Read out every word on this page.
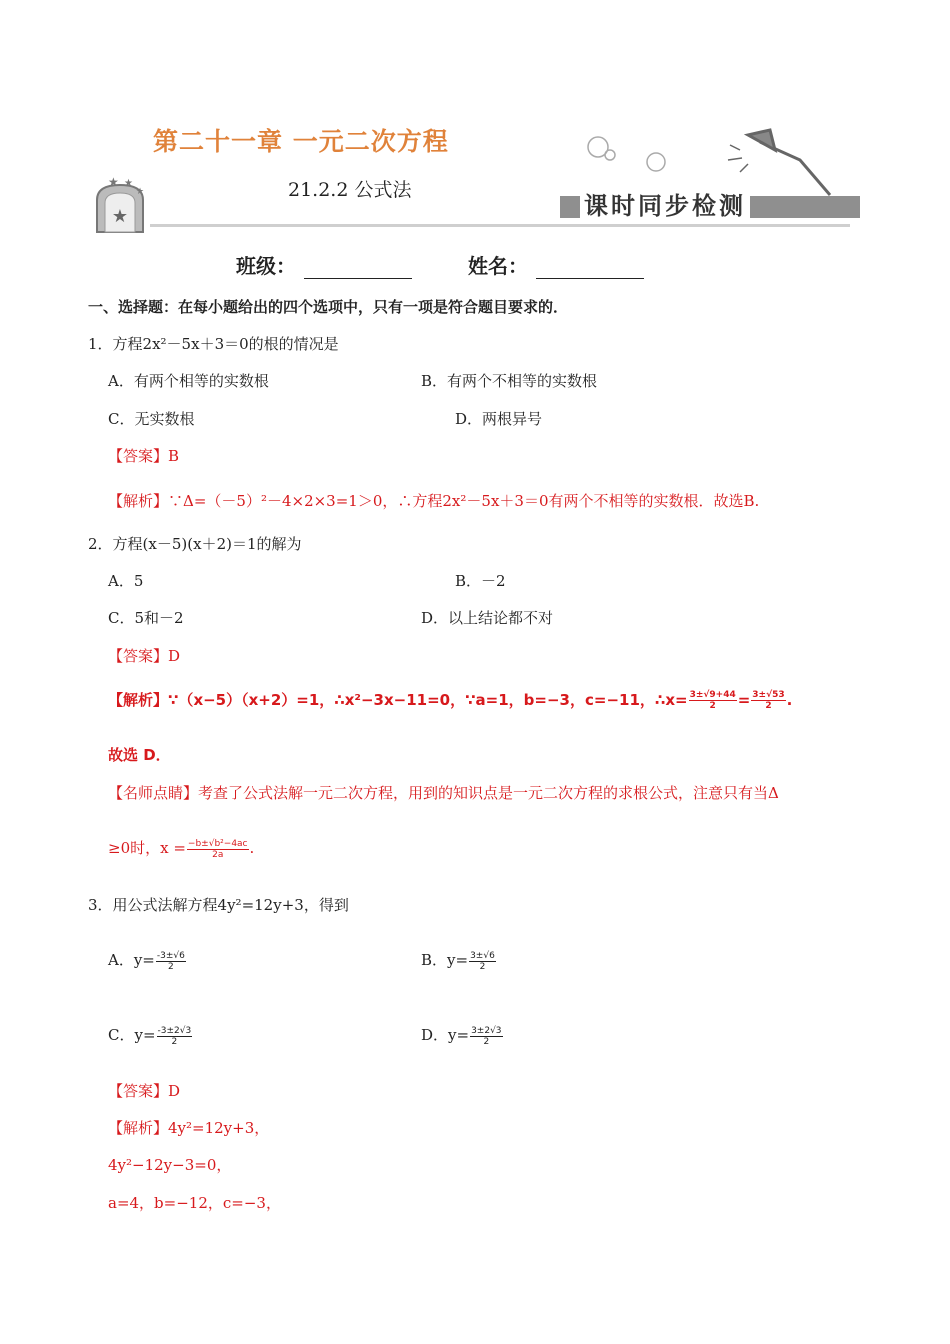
★
★ ★
★
第二十一章 一元二次方程
21.2.2 公式法
课时同步检测
班级：	姓名：
一、选择题：在每小题给出的四个选项中，只有一项是符合题目要求的．
1．方程2x²－5x＋3＝0的根的情况是
A．有两个相等的实数根	B．有两个不相等的实数根
C．无实数根	D．两根异号
【答案】B
【解析】∵Δ=（－5）²－4×2×3=1＞0，∴方程2x²－5x＋3＝0有两个不相等的实数根．故选B.
2．方程(x－5)(x＋2)＝1的解为
A．5	B．－2
C．5和－2	D．以上结论都不对
【答案】D
【解析】∵（x−5）（x+2）=1，∴x²−3x−11=0，∵a=1，b=−3，c=−11，∴x= $\frac{3\pm√9+44}{2} = \frac{3\pm√53}{2}$ .
故选 D．
【名师点睛】考查了公式法解一元二次方程，用到的知识点是一元二次方程的求根公式，注意只有当Δ
≥0时，$x = \frac{\text{−b±√b²−4ac}}{2a}$ .
3．用公式法解方程4y²=12y+3，得到
A．$y= \frac{-3\pm√6}{2}$	B．$y= \frac{3\pm√6}{2}$
C．$y= \frac{-3\pm 2√3}{2}$	D．$y= \frac{3\pm 2√3}{2}$
【答案】D
【解析】4y²=12y+3，
4y²−12y−3=0，
a=4，b=−12，c=−3，
